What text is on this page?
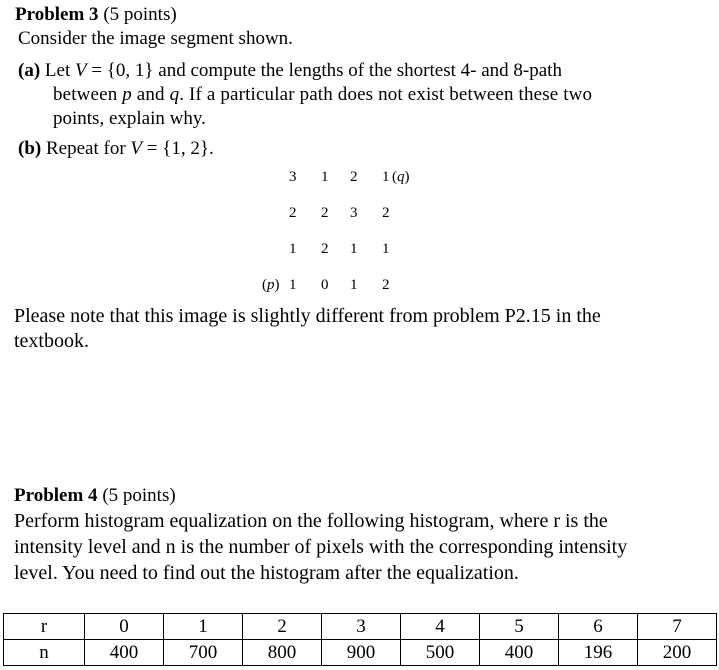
Problem 3 (5 points)
Consider the image segment shown.
(a) Let V = {0, 1} and compute the lengths of the shortest 4- and 8-path
between p and q. If a particular path does not exist between these two
points, explain why.
(b) Repeat for V = {1, 2}.
3 1 2 1 (q)
2 2 3 2
1 2 1 1
(p) 1 0 1 2
Please note that this image is slightly different from problem P2.15 in the
textbook.
Problem 4 (5 points)
Perform histogram equalization on the following histogram, where r is the
intensity level and n is the number of pixels with the corresponding intensity
level. You need to find out the histogram after the equalization.
r	0	1	2	3	4	5	6	7
n	400	700	800	900	500	400	196	200
